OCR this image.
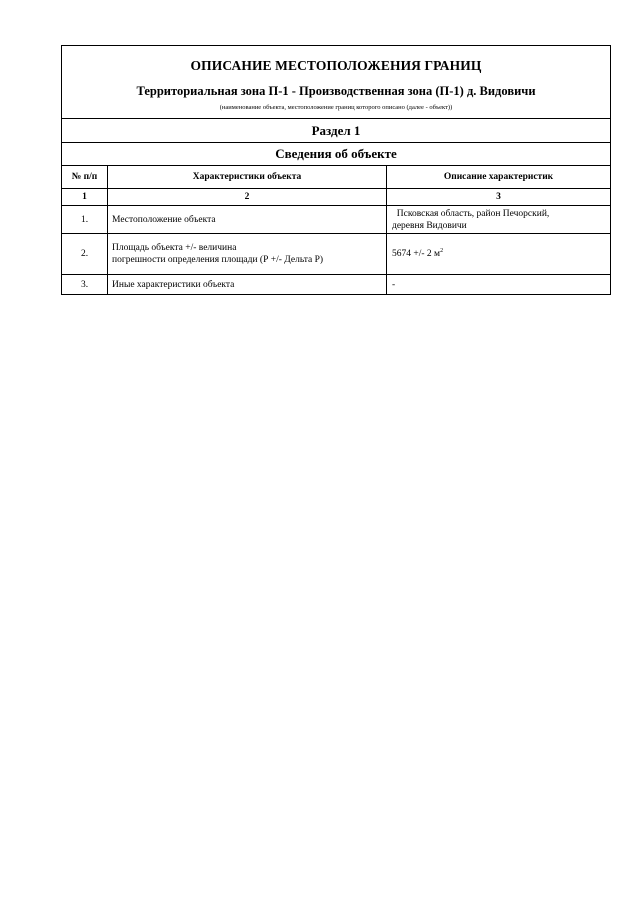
ОПИСАНИЕ МЕСТОПОЛОЖЕНИЯ ГРАНИЦ
Территориальная зона П-1 - Производственная зона (П-1) д. Видовичи
(наименование объекта, местоположение границ которого описано (далее - объект))		

Раздел 1		
Сведения об объекте		
№ п/п	Характеристики объекта	Описание характеристик
1	2	3
1.	Местоположение объекта	Псковская область, район Печорский,
деревня Видовичи

2.	Площадь объекта +/- величина
погрешности определения площади (Р +/- Дельта Р)	5674 +/- 2 $м^2$
3.	Иные характеристики объекта	-
